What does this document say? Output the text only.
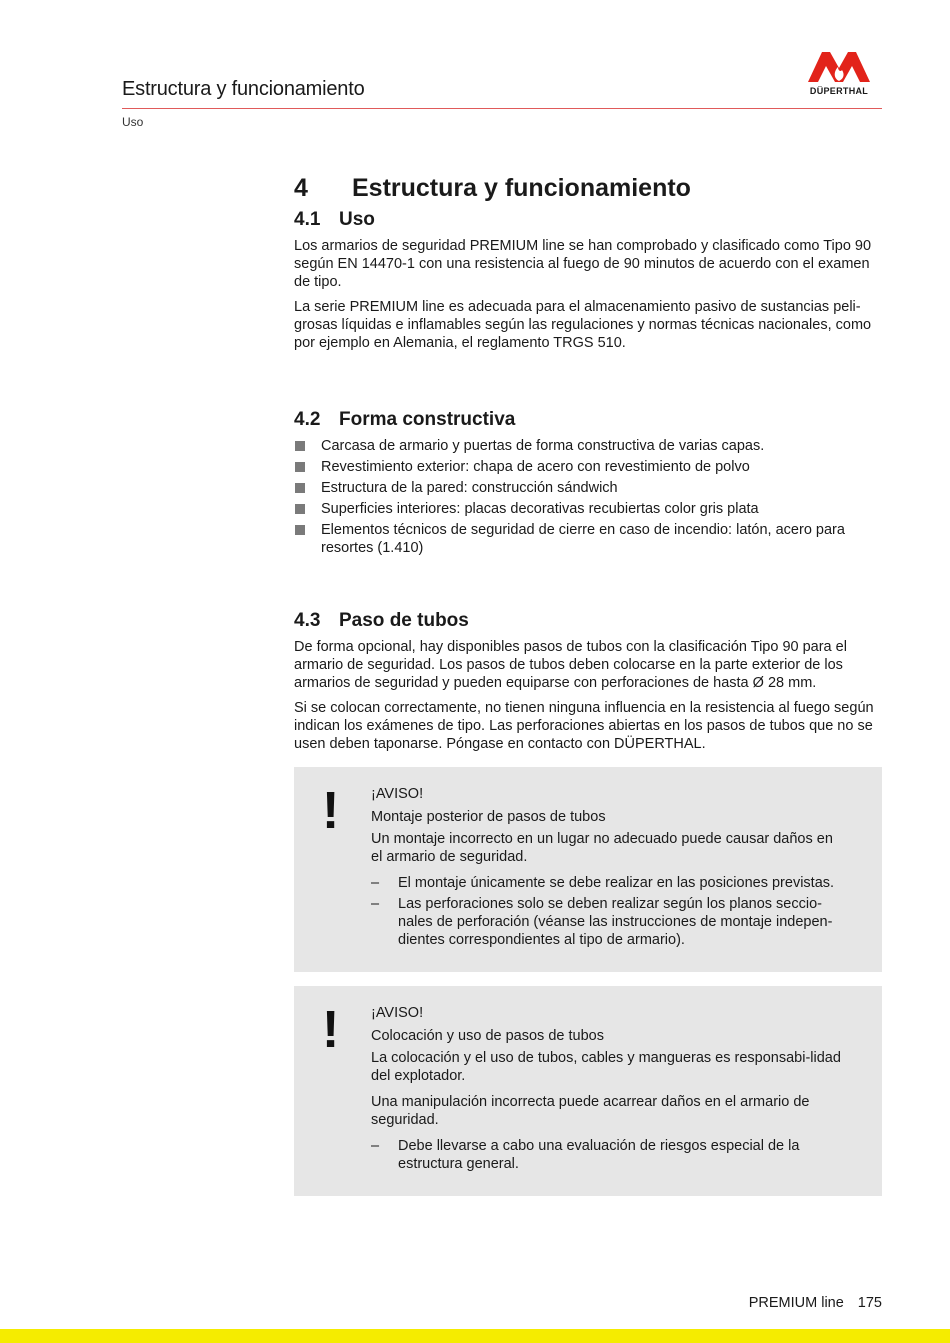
Estructura y funcionamiento
Uso
DÜPERTHAL
4	Estructura y funcionamiento
4.1 Uso

Los armarios de seguridad PREMIUM line se han comprobado y clasificado como Tipo 90 según EN 14470-1 con una resistencia al fuego de 90 minutos de acuerdo con el examen de tipo.

La serie PREMIUM line es adecuada para el almacenamiento pasivo de sustancias peli-grosas líquidas e inflamables según las regulaciones y normas técnicas nacionales, como por ejemplo en Alemania, el reglamento TRGS 510.

4.2 Forma constructiva
Carcasa de armario y puertas de forma constructiva de varias capas.
Revestimiento exterior: chapa de acero con revestimiento de polvo
Estructura de la pared: construcción sándwich
Superficies interiores: placas decorativas recubiertas color gris plata
Elementos técnicos de seguridad de cierre en caso de incendio: latón, acero para resortes (1.410)
4.3 Paso de tubos

De forma opcional, hay disponibles pasos de tubos con la clasificación Tipo 90 para el armario de seguridad. Los pasos de tubos deben colocarse en la parte exterior de los armarios de seguridad y pueden equiparse con perforaciones de hasta Ø 28 mm.

Si se colocan correctamente, no tienen ninguna influencia en la resistencia al fuego según indican los exámenes de tipo. Las perforaciones abiertas en los pasos de tubos que no se usen deben taponarse. Póngase en contacto con DÜPERTHAL.

! ¡AVISO!
Montaje posterior de pasos de tubos

Un montaje incorrecto en un lugar no adecuado puede causar daños en el armario de seguridad.

– El montaje únicamente se debe realizar en las posiciones previstas.
– Las perforaciones solo se deben realizar según los planos seccio-nales de perforación (véanse las instrucciones de montaje indepen-dientes correspondientes al tipo de armario).
! ¡AVISO!
Colocación y uso de pasos de tubos

La colocación y el uso de tubos, cables y mangueras es responsabi-lidad del explotador.

Una manipulación incorrecta puede acarrear daños en el armario de seguridad.

– Debe llevarse a cabo una evaluación de riesgos especial de la estructura general.
PREMIUM line 175
